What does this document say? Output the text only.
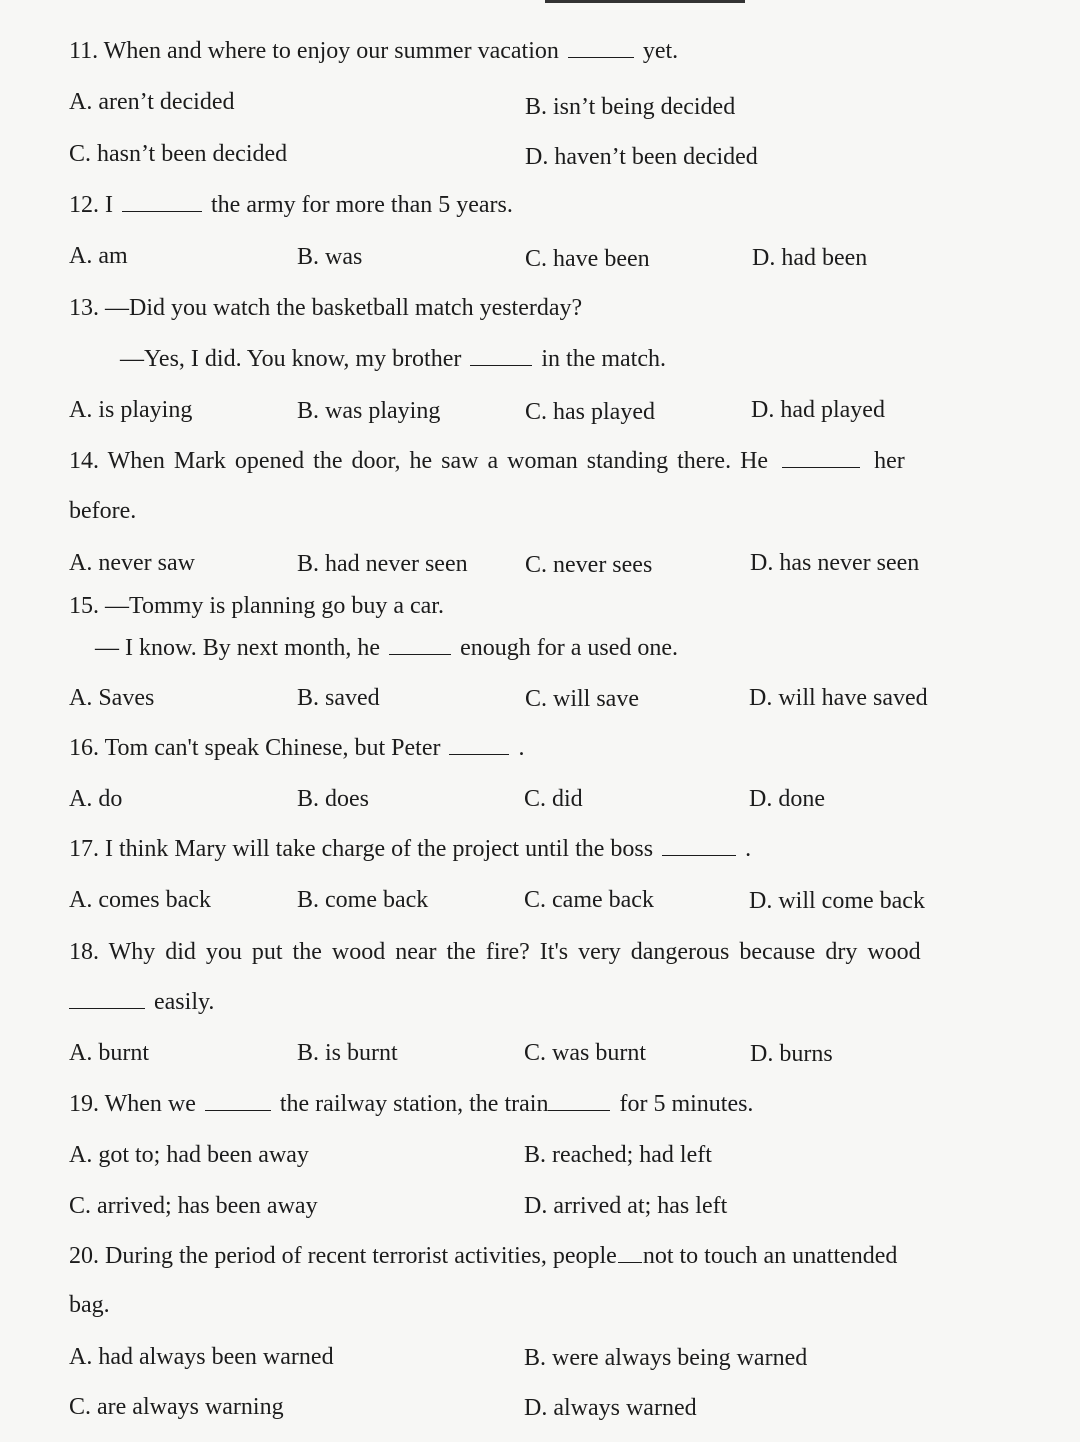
11. When and where to enjoy our summer vacation	yet.
A. aren’t decided	B. isn’t being decided
C. hasn’t been decided	D. haven’t been decided
12. I	the army for more than 5 years.
A. am	B. was	C. have been	D. had been
13. —Did you watch the basketball match yesterday?
—Yes, I did. You know, my brother	in the match.
A. is playing	B. was playing	C. has played	D. had played
14. When Mark opened the door, he saw a woman standing there. He	her
before.
A. never saw	B. had never seen C. never sees	D. has never seen
15. —Tommy is planning go buy a car.
— I know. By next month, he	enough for a used one.
A. Saves	B. saved	C. will save	D. will have saved
16. Tom can't speak Chinese, but Peter	.
A. do	B. does	C. did	D. done
17. I think Mary will take charge of the project until the boss	.
A. comes back	B. come back	C. came back	D. will come back
18. Why did you put the wood near the fire? It's very dangerous because dry wood
easily.
A. burnt	B. is burnt	C. was burnt	D. burns
19. When we	the railway station, the train	for 5 minutes.
A. got to; had been away	B. reached; had left
C. arrived; has been away	D. arrived at; has left
20. During the period of recent terrorist activities, people not to touch an unattended
bag.
A. had always been warned	B. were always being warned
C. are always warning	D. always warned
